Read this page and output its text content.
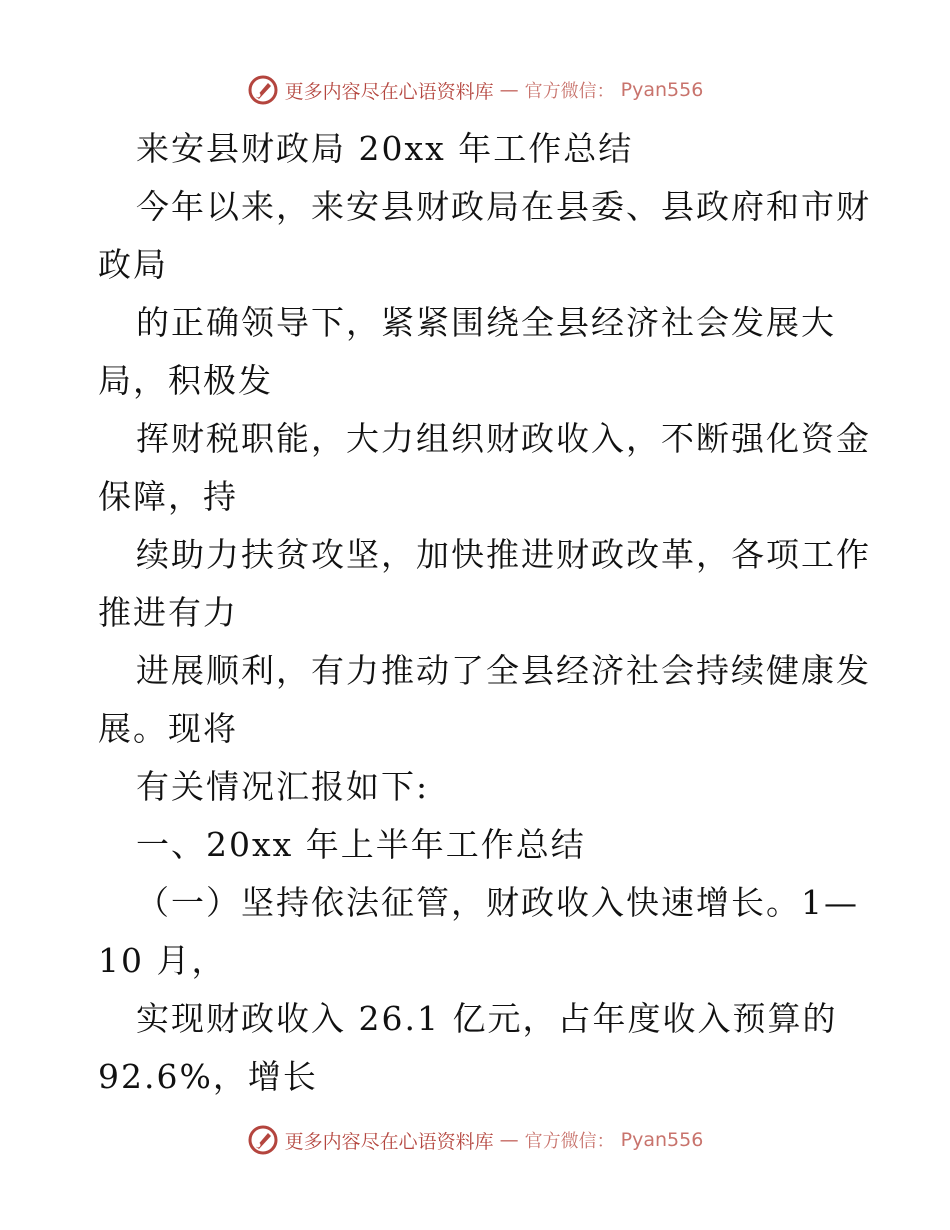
更多内容尽在心语资料库 — 官方微信： Pyan556
来安县财政局 20xx 年工作总结
今年以来，来安县财政局在县委、县政府和市财
政局
的正确领导下，紧紧围绕全县经济社会发展大
局，积极发
挥财税职能，大力组织财政收入，不断强化资金
保障，持
续助力扶贫攻坚，加快推进财政改革，各项工作
推进有力
进展顺利，有力推动了全县经济社会持续健康发
展。现将
有关情况汇报如下:
一、20xx 年上半年工作总结
（一）坚持依法征管，财政收入快速增长。1—
10 月，
实现财政收入 26.1 亿元，占年度收入预算的
92.6%，增长
更多内容尽在心语资料库 — 官方微信： Pyan556
